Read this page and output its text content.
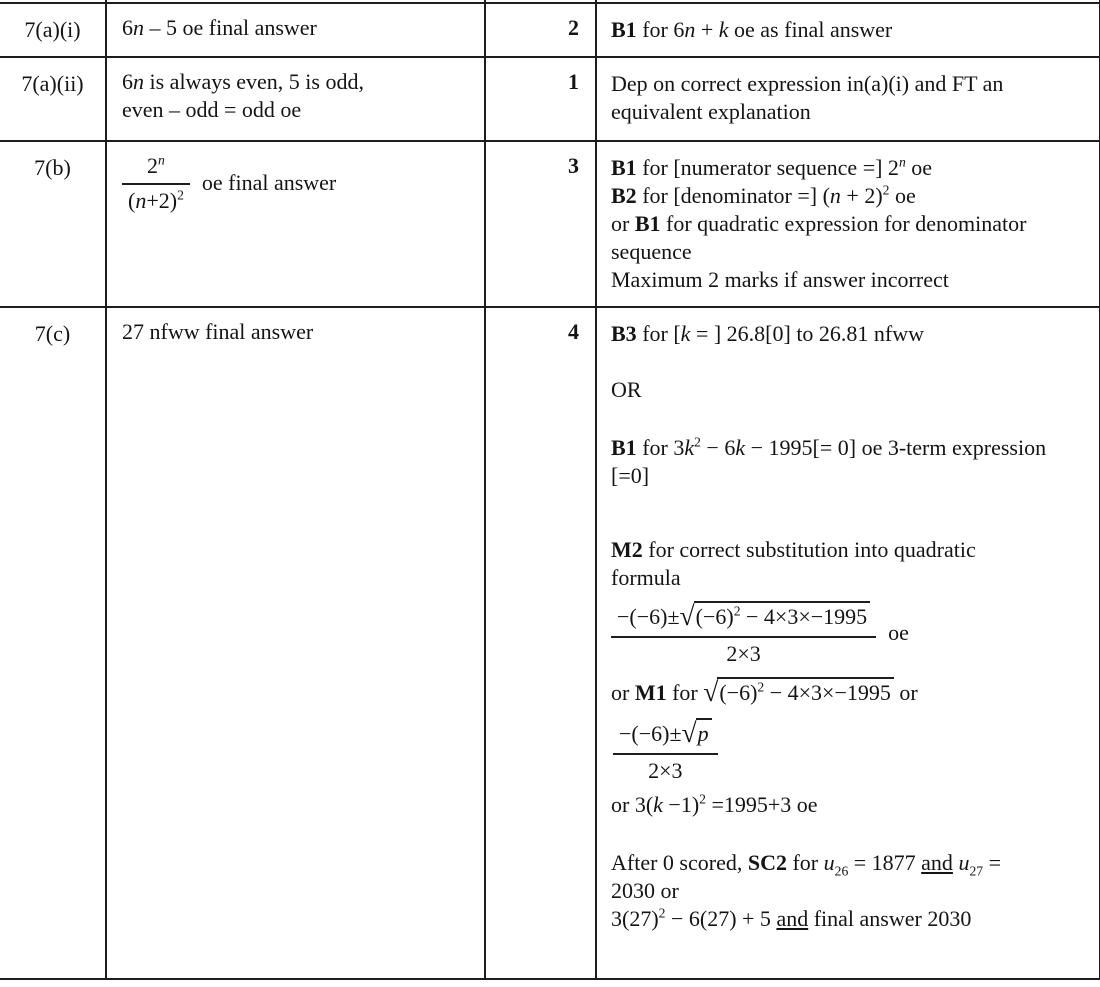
7(a)(i)	6n – 5 oe final answer	2	B1 for 6n + k oe as final answer

7(a)(ii)	6n is always even, 5 is odd,
even – odd = odd oe
	1	Dep on correct expression in(a)(i) and FT an
equivalent explanation

7(b)	$\frac{2^n}{(n+2)^2}$ oe final answer
	3	B1 for [numerator sequence =] 2$^n$ oe
B2 for [denominator =] $(n + 2)^2$ oe
or B1 for quadratic expression for denominator
sequence
Maximum 2 marks if answer incorrect

7(c)	27 nfww final answer	4	B3 for [k = ] 26.8[0] to 26.81 nfww
OR
B1 for $3k^2 - 6k - 1995[= 0]$ oe 3-term expression
[=0]
M2 for correct substitution into quadratic
formula
$\frac{-(-6)\pm √ (-6)^2 - 4\times 3\times-1995}{2\times 3}$ oe
or M1 for √ $(-6)^2 - 4\times 3\times-1995$ or
$\frac{-(-6)\pm √ p}{2\times 3}$
or $3(k -1)^2 =1995+3$ oe
After 0 scored, SC2 for $u_{26} = 1877$ and $u_{27}$ =
2030 or
$3(27)^2 - 6(27) + 5$ and final answer 2030
